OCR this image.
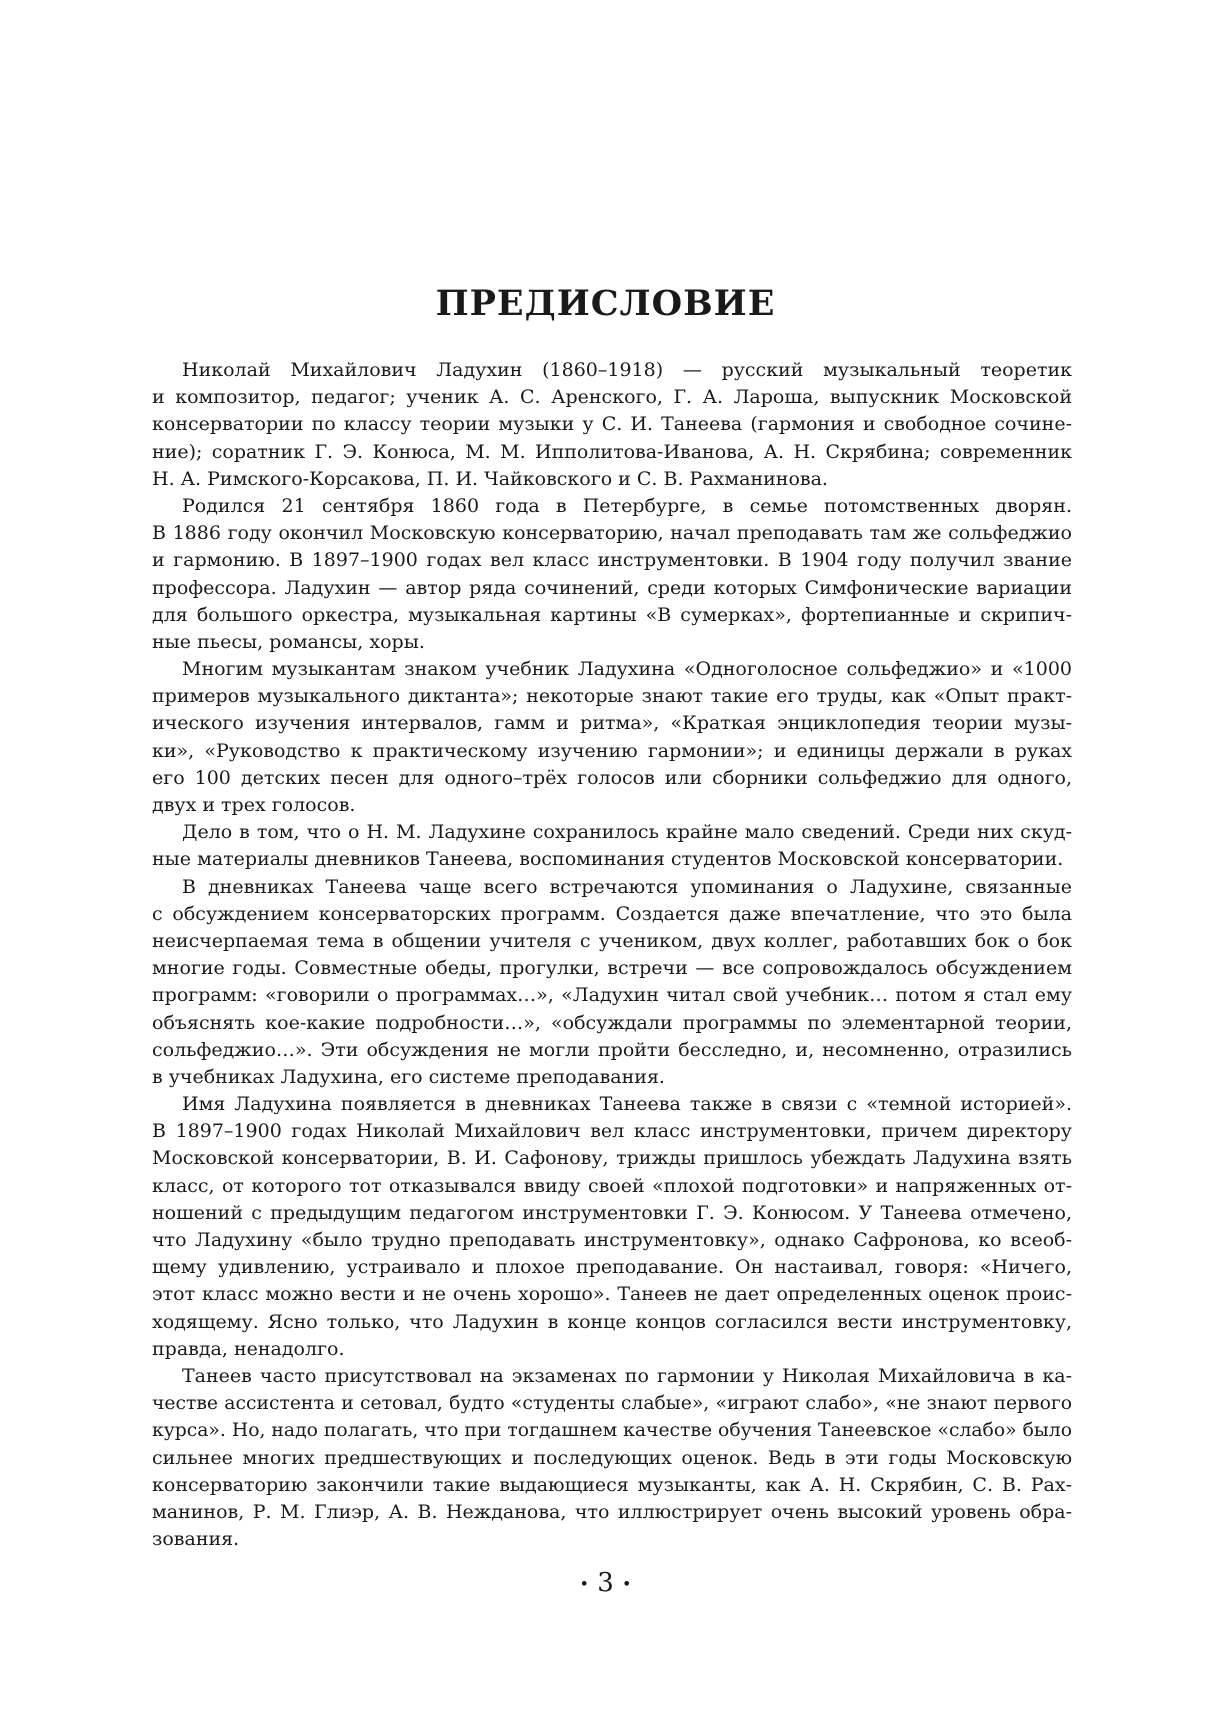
ПРЕДИСЛОВИЕ
Николай Михайлович Ладухин (1860–1918) — русский музыкальный теоретик
и композитор, педагог; ученик А. С. Аренского, Г. А. Лароша, выпускник Московской
консерватории по классу теории музыки у С. И. Танеева (гармония и свободное сочине-
ние); соратник Г. Э. Конюса, М. М. Ипполитова-Иванова, А. Н. Скрябина; современник
Н. А. Римского-Корсакова, П. И. Чайковского и С. В. Рахманинова.
Родился 21 сентября 1860 года в Петербурге, в семье потомственных дворян.
В 1886 году окончил Московскую консерваторию, начал преподавать там же сольфеджио
и гармонию. В 1897–1900 годах вел класс инструментовки. В 1904 году получил звание
профессора. Ладухин — автор ряда сочинений, среди которых Симфонические вариации
для большого оркестра, музыкальная картины «В сумерках», фортепианные и скрипич-
ные пьесы, романсы, хоры.
Многим музыкантам знаком учебник Ладухина «Одноголосное сольфеджио» и «1000
примеров музыкального диктанта»; некоторые знают такие его труды, как «Опыт практ-
ического изучения интервалов, гамм и ритма», «Краткая энциклопедия теории музы-
ки», «Руководство к практическому изучению гармонии»; и единицы держали в руках
его 100 детских песен для одного–трёх голосов или сборники сольфеджио для одного,
двух и трех голосов.
Дело в том, что о Н. М. Ладухине сохранилось крайне мало сведений. Среди них скуд-
ные материалы дневников Танеева, воспоминания студентов Московской консерватории.
В дневниках Танеева чаще всего встречаются упоминания о Ладухине, связанные
с обсуждением консерваторских программ. Создается даже впечатление, что это была
неисчерпаемая тема в общении учителя с учеником, двух коллег, работавших бок о бок
многие годы. Совместные обеды, прогулки, встречи — все сопровождалось обсуждением
программ: «говорили о программах…», «Ладухин читал свой учебник… потом я стал ему
объяснять кое-какие подробности…», «обсуждали программы по элементарной теории,
сольфеджио…». Эти обсуждения не могли пройти бесследно, и, несомненно, отразились
в учебниках Ладухина, его системе преподавания.
Имя Ладухина появляется в дневниках Танеева также в связи с «темной историей».
В 1897–1900 годах Николай Михайлович вел класс инструментовки, причем директору
Московской консерватории, В. И. Сафонову, трижды пришлось убеждать Ладухина взять
класс, от которого тот отказывался ввиду своей «плохой подготовки» и напряженных от-
ношений с предыдущим педагогом инструментовки Г. Э. Конюсом. У Танеева отмечено,
что Ладухину «было трудно преподавать инструментовку», однако Сафронова, ко всеоб-
щему удивлению, устраивало и плохое преподавание. Он настаивал, говоря: «Ничего,
этот класс можно вести и не очень хорошо». Танеев не дает определенных оценок проис-
ходящему. Ясно только, что Ладухин в конце концов согласился вести инструментовку,
правда, ненадолго.
Танеев часто присутствовал на экзаменах по гармонии у Николая Михайловича в ка-
честве ассистента и сетовал, будто «студенты слабые», «играют слабо», «не знают первого
курса». Но, надо полагать, что при тогдашнем качестве обучения Танеевское «слабо» было
сильнее многих предшествующих и последующих оценок. Ведь в эти годы Московскую
консерваторию закончили такие выдающиеся музыканты, как А. Н. Скрябин, С. В. Рах-
манинов, Р. М. Глиэр, А. В. Нежданова, что иллюстрирует очень высокий уровень обра-
зования.
• 3 •
